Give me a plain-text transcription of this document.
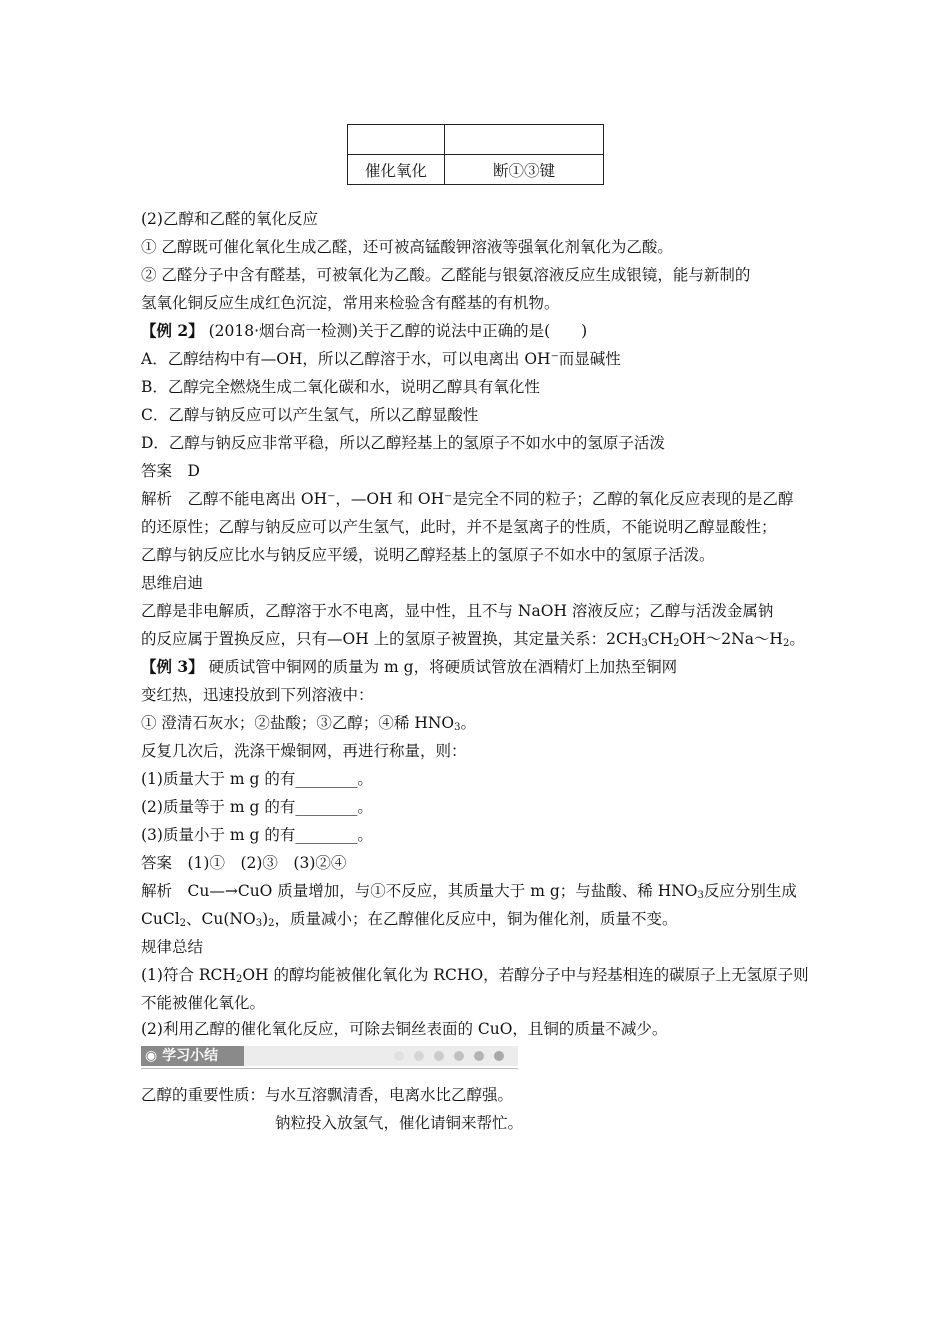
催化氧化	断①③键
(2)乙醇和乙醛的氧化反应
① 乙醇既可催化氧化生成乙醛，还可被高锰酸钾溶液等强氧化剂氧化为乙酸。
② 乙醛分子中含有醛基，可被氧化为乙酸。乙醛能与银氨溶液反应生成银镜，能与新制的
氢氧化铜反应生成红色沉淀，常用来检验含有醛基的有机物。
【例 2】 (2018·烟台高一检测)关于乙醇的说法中正确的是(　　)
A．乙醇结构中有—OH，所以乙醇溶于水，可以电离出 OH⁻而显碱性
B．乙醇完全燃烧生成二氧化碳和水，说明乙醇具有氧化性
C．乙醇与钠反应可以产生氢气，所以乙醇显酸性
D．乙醇与钠反应非常平稳，所以乙醇羟基上的氢原子不如水中的氢原子活泼
答案　D
解析　乙醇不能电离出 OH⁻，—OH 和 OH⁻是完全不同的粒子；乙醇的氧化反应表现的是乙醇
的还原性；乙醇与钠反应可以产生氢气，此时，并不是氢离子的性质，不能说明乙醇显酸性；
乙醇与钠反应比水与钠反应平缓，说明乙醇羟基上的氢原子不如水中的氢原子活泼。
思维启迪
乙醇是非电解质，乙醇溶于水不电离，显中性，且不与 NaOH 溶液反应；乙醇与活泼金属钠
的反应属于置换反应，只有—OH 上的氢原子被置换，其定量关系：$2CH_3CH_2OH\sim 2Na\sim H_2$。
【例 3】 硬质试管中铜网的质量为 m g，将硬质试管放在酒精灯上加热至铜网
变红热，迅速投放到下列溶液中：
① 澄清石灰水；②盐酸；③乙醇；④稀 $HNO_3$。
反复几次后，洗涤干燥铜网，再进行称量，则：
(1)质量大于 m g 的有________。
(2)质量等于 m g 的有________。
(3)质量小于 m g 的有________。
答案　(1)①　(2)③　(3)②④
解析　Cu—→CuO 质量增加，与①不反应，其质量大于 m g；与盐酸、稀 $HNO_3$反应分别生成
CuCl$_2$、$Cu(NO_3)_2$，质量减小；在乙醇催化反应中，铜为催化剂，质量不变。
规律总结
(1)符合 $RCH_2OH$ 的醇均能被催化氧化为 RCHO，若醇分子中与羟基相连的碳原子上无氢原子则
不能被催化氧化。
(2)利用乙醇的催化氧化反应，可除去铜丝表面的 CuO，且铜的质量不减少。
◉ 学习小结
乙醇的重要性质：与水互溶飘清香，电离水比乙醇强。
钠粒投入放氢气，催化请铜来帮忙。
